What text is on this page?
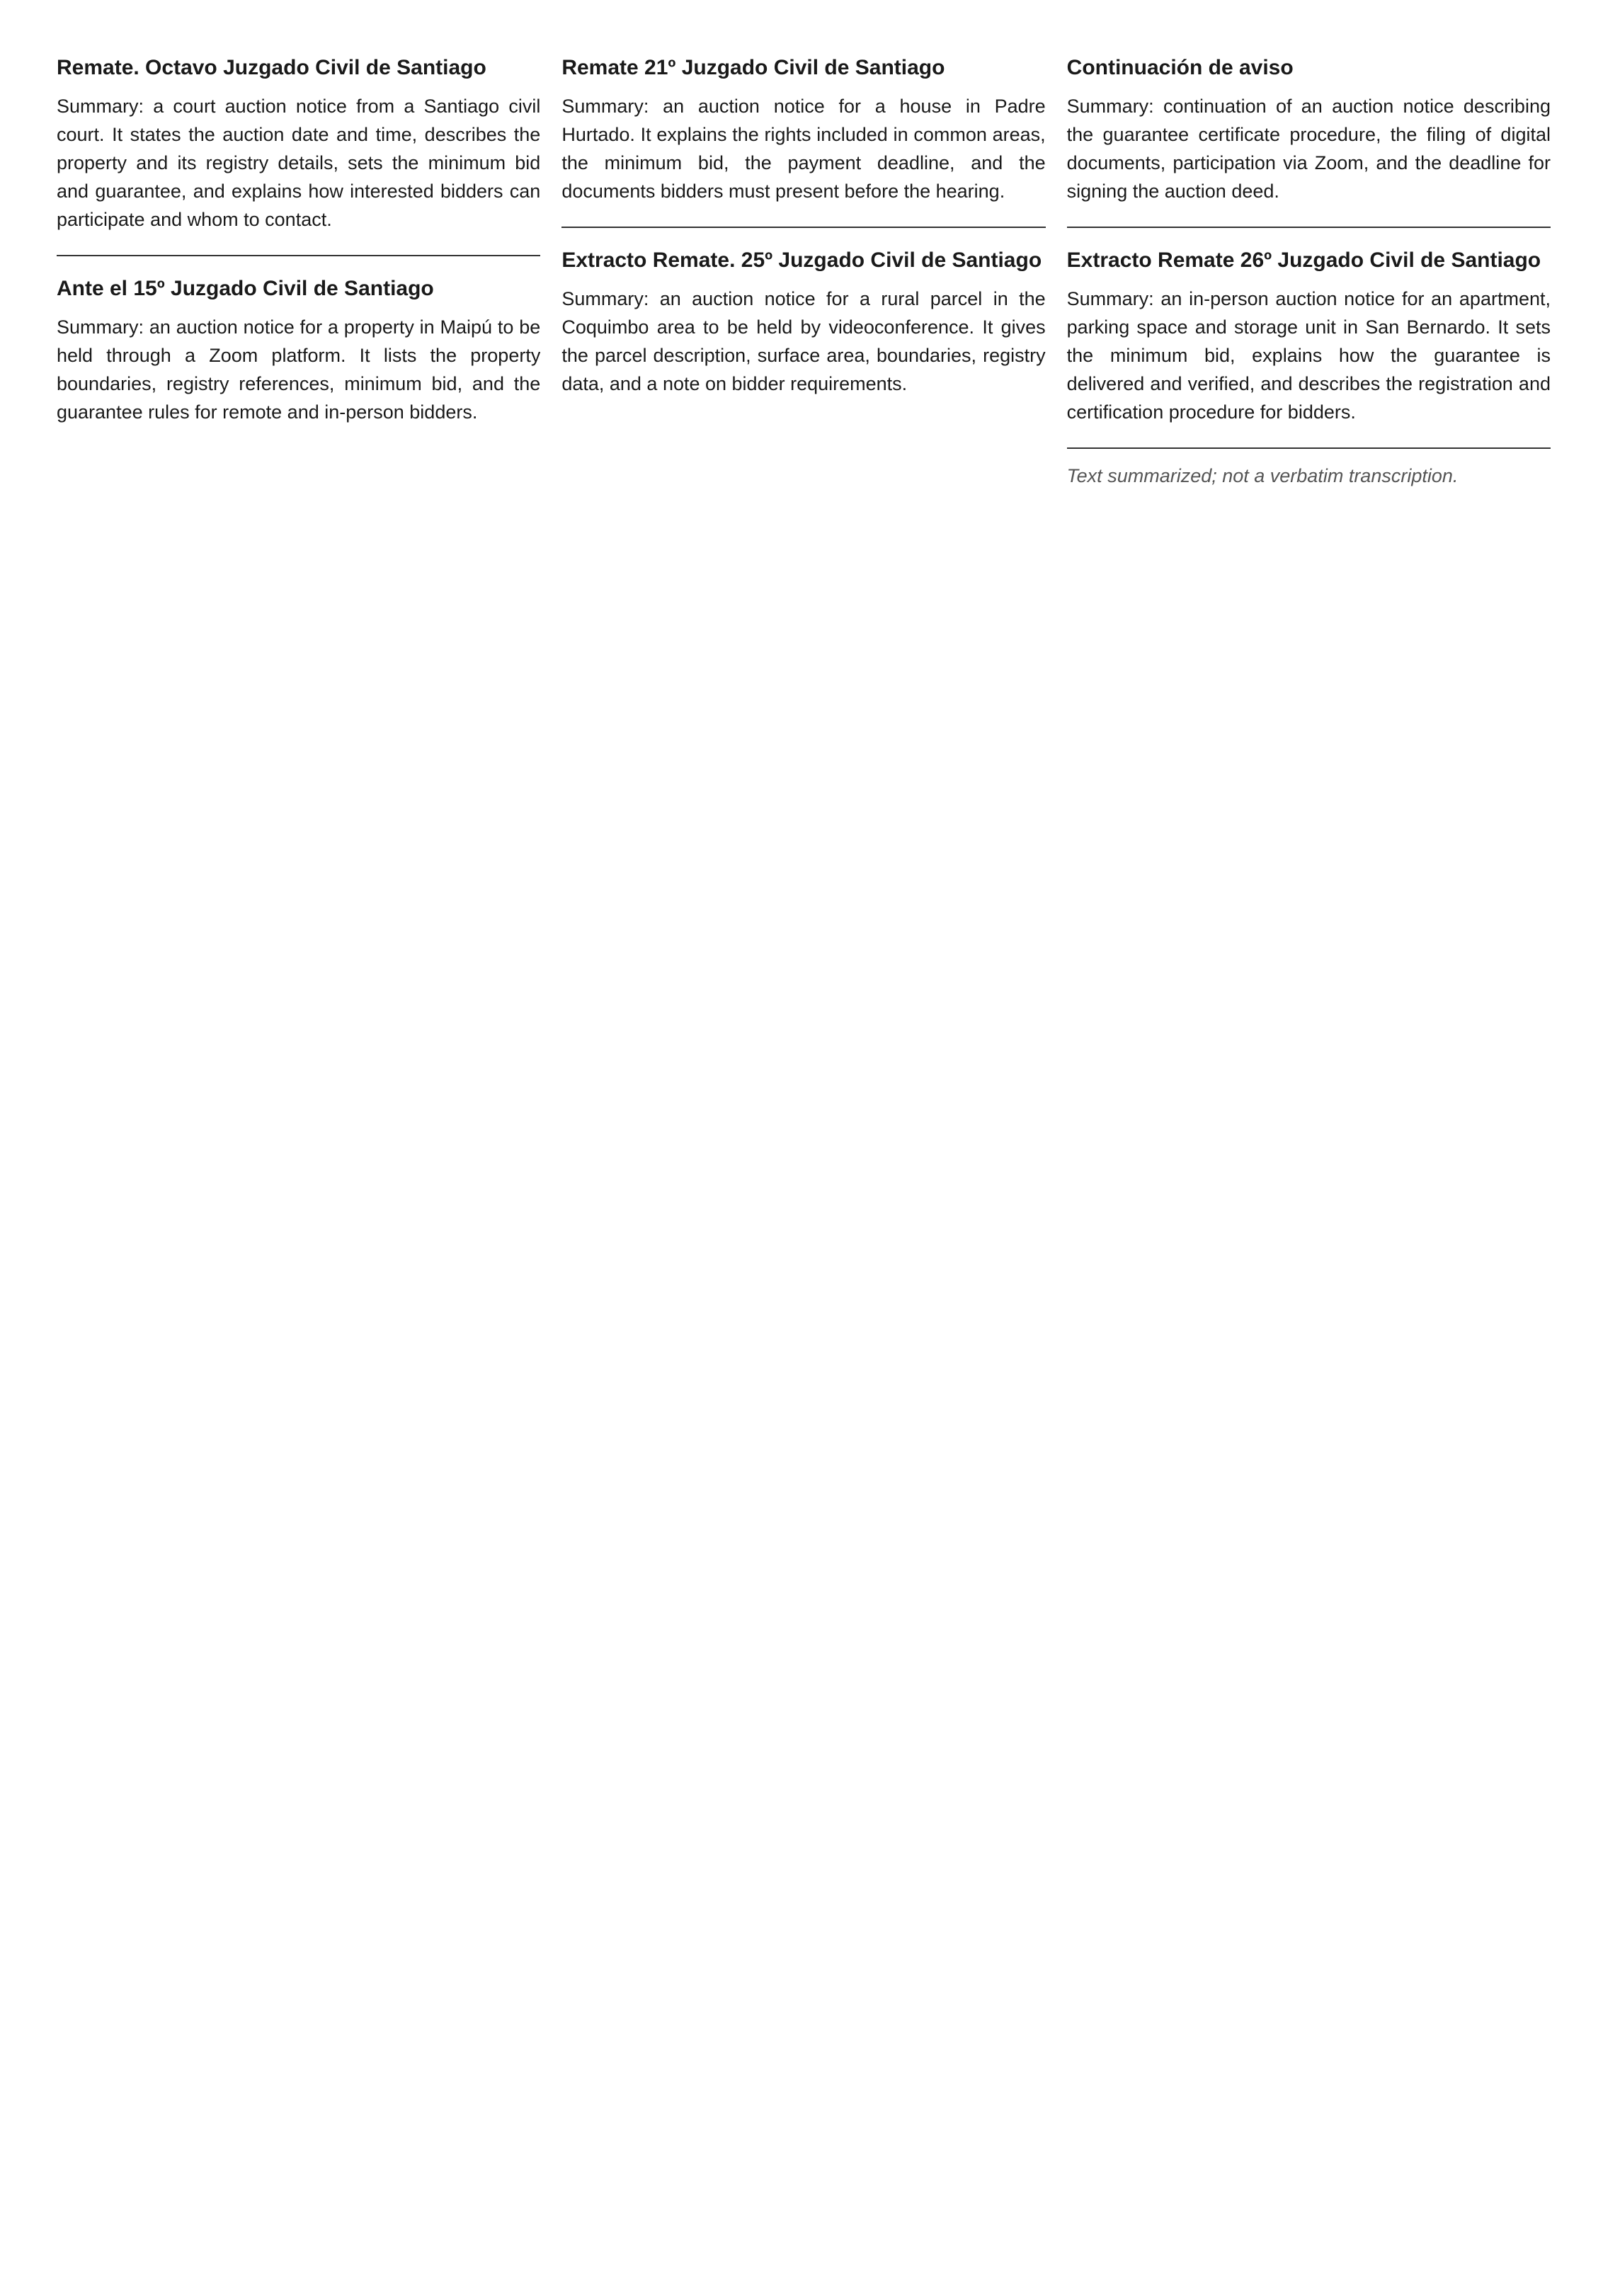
Remate. Octavo Juzgado Civil de Santiago

Summary: a court auction notice from a Santiago civil court. It states the auction date and time, describes the property and its registry details, sets the minimum bid and guarantee, and explains how interested bidders can participate and whom to contact.

Ante el 15º Juzgado Civil de Santiago

Summary: an auction notice for a property in Maipú to be held through a Zoom platform. It lists the property boundaries, registry references, minimum bid, and the guarantee rules for remote and in-person bidders.

Remate 21º Juzgado Civil de Santiago

Summary: an auction notice for a house in Padre Hurtado. It explains the rights included in common areas, the minimum bid, the payment deadline, and the documents bidders must present before the hearing.

Extracto Remate. 25º Juzgado Civil de Santiago

Summary: an auction notice for a rural parcel in the Coquimbo area to be held by videoconference. It gives the parcel description, surface area, boundaries, registry data, and a note on bidder requirements.

Continuación de aviso

Summary: continuation of an auction notice describing the guarantee certificate procedure, the filing of digital documents, participation via Zoom, and the deadline for signing the auction deed.

Extracto Remate 26º Juzgado Civil de Santiago

Summary: an in-person auction notice for an apartment, parking space and storage unit in San Bernardo. It sets the minimum bid, explains how the guarantee is delivered and verified, and describes the registration and certification procedure for bidders.

Text summarized; not a verbatim transcription.
